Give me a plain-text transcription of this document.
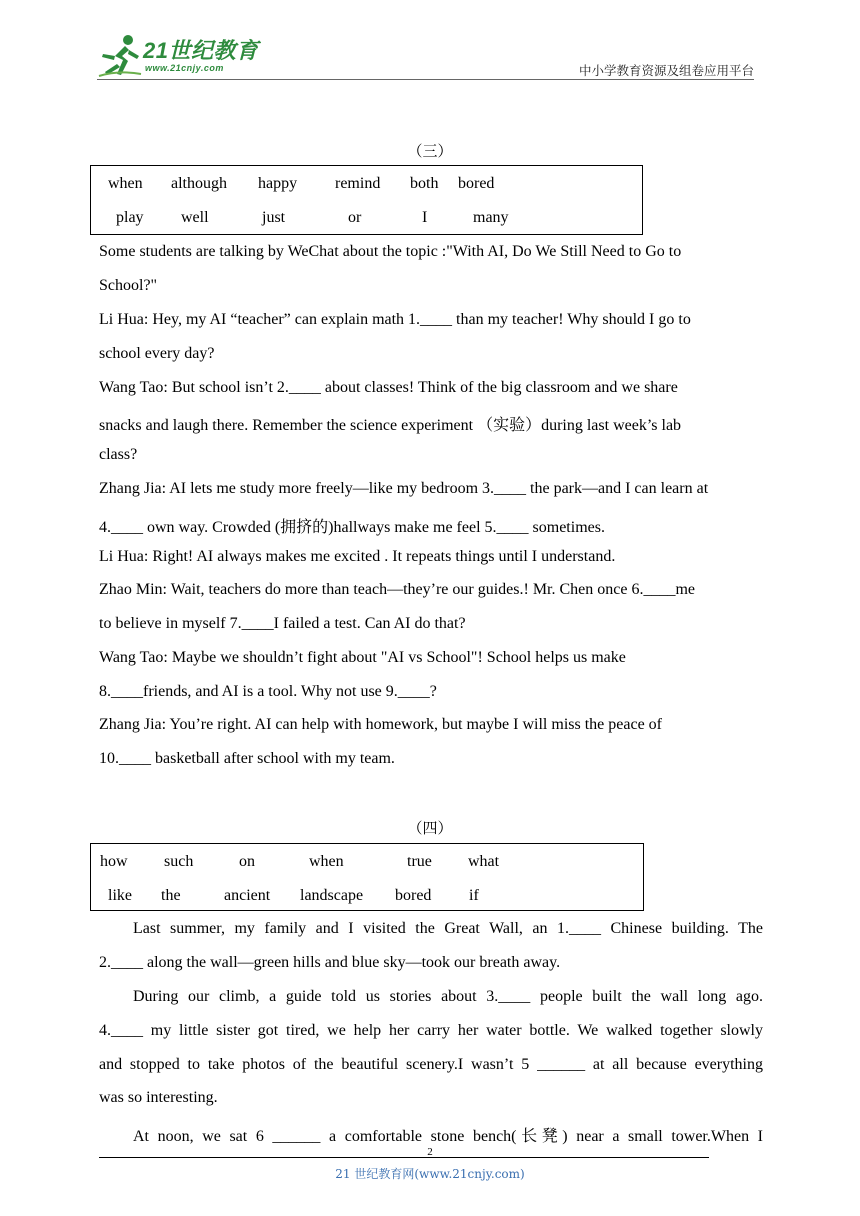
21世纪教育
www.21cnjy.com	中小学教育资源及组卷应用平台
（三）
when although happy remind both bored
play well	just	or	I	many
Some students are talking by WeChat about the topic :"With AI, Do We Still Need to Go to
School?"
Li Hua: Hey, my AI “teacher” can explain math 1.____ than my teacher! Why should I go to
school every day?
Wang Tao: But school isn’t 2.____ about classes! Think of the big classroom and we share
snacks and laugh there. Remember the science experiment （实验）during last week’s lab
class?
Zhang Jia: AI lets me study more freely—like my bedroom 3.____ the park—and I can learn at
4.____ own way. Crowded (拥挤的)hallways make me feel 5.____ sometimes.
Li Hua: Right! AI always makes me excited . It repeats things until I understand.
Zhao Min: Wait, teachers do more than teach—they’re our guides.! Mr. Chen once 6.____me
to believe in myself 7.____I failed a test. Can AI do that?
Wang Tao: Maybe we shouldn’t fight about "AI vs School"! School helps us make
8.____friends, and AI is a tool. Why not use 9.____?
Zhang Jia: You’re right. AI can help with homework, but maybe I will miss the peace of
10.____ basketball after school with my team.
（四）
how such	on	when	true what
like the	ancient landscape bored if
Last summer, my family and I visited the Great Wall, an 1.____ Chinese building. The
2.____ along the wall—green hills and blue sky—took our breath away.
During our climb, a guide told us stories about 3.____ people built the wall long ago.
4.____ my little sister got tired, we help her carry her water bottle. We walked together slowly
and stopped to take photos of the beautiful scenery.I wasn’t 5 ______ at all because everything
was so interesting.
At noon, we sat 6 ______ a comfortable stone bench(长凳) near a small tower.When I
2
21 世纪教育网(www.21cnjy.com)
